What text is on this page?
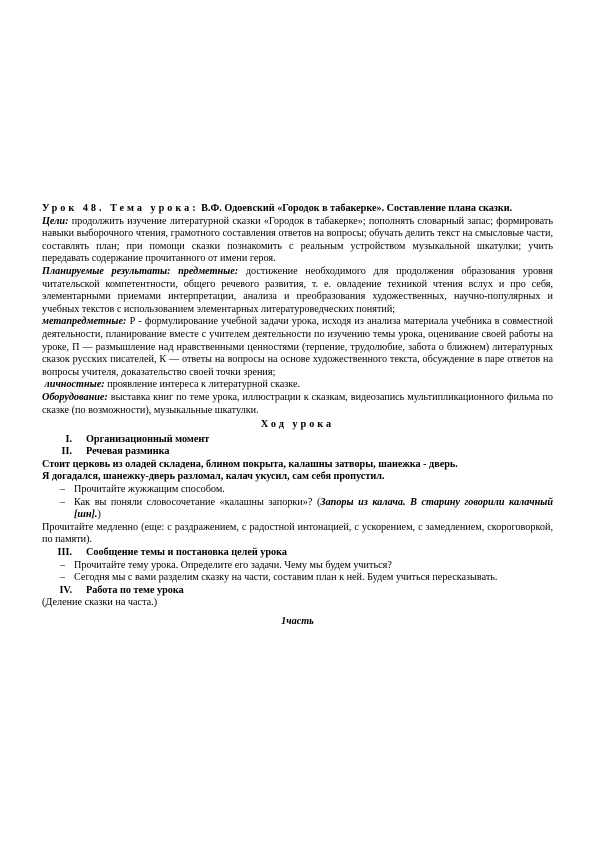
Урок 48. Тема урока: В.Ф. Одоевский «Городок в табакерке». Составление плана сказки.

Цели: продолжить изучение литературной сказки «Городок в табакерке»; пополнять словарный запас; формировать навыки выборочного чтения, грамотного составления ответов на вопросы; обучать делить текст на смысловые части, составлять план; при помощи сказки познакомить с реальным устройством музыкальной шкатулки; учить передавать содержание прочитанного от имени героя.

Планируемые результаты: предметные: достижение необходимого для продолжения образования уровня читательской компетентности, общего речевого развития, т. е. овладение техникой чтения вслух и про себя, элементарными приемами интерпретации, анализа и преобразования художественных, научно-популярных и учебных текстов с использованием элементарных литературоведческих понятий;

метапредметные: Р - формулирование учебной задачи урока, исходя из анализа материала учебника в совместной деятельности, планирование вместе с учителем деятельности по изучению темы урока, оценивание своей работы на уроке, П — размышление над нравственными ценностями (терпение, трудолюбие, забота о ближнем) литературных сказок русских писателей, К — ответы на вопросы на основе художественного текста, обсуждение в паре ответов на вопросы учителя, доказательство своей точки зрения;

личностные: проявление интереса к литературной сказке.

Оборудование: выставка книг по теме урока, иллюстрации к сказкам, видеозапись мультипликационного фильма по сказке (по возможности), музыкальные шкатулки.

Ход урока

I.	Организационный момент
II.	Речевая разминка

Стоит церковь из оладей складена, блином покрыта, калашны затворы, шанежка - дверь.

Я догадался, шанежку-дверь разломал, калач укусил, сам себя пропустил.

– Прочитайте жужжащим способом.
– Как вы поняли словосочетание «калашны запорки»? (Запоры из калача. В старину говорили калачный [шн].)

Прочитайте медленно (еще: с раздражением, с радостной интонацией, с ускорением, с замедлением, скороговоркой, по памяти).

III.	Сообщение темы и постановка целей урока
– Прочитайте тему урока. Определите его задачи. Чему мы будем учиться?
– Сегодня мы с вами разделим сказку на части, составим план к ней. Будем учиться пересказывать.
IV.	Работа по теме урока

(Деление сказки на часта.)

1часть
